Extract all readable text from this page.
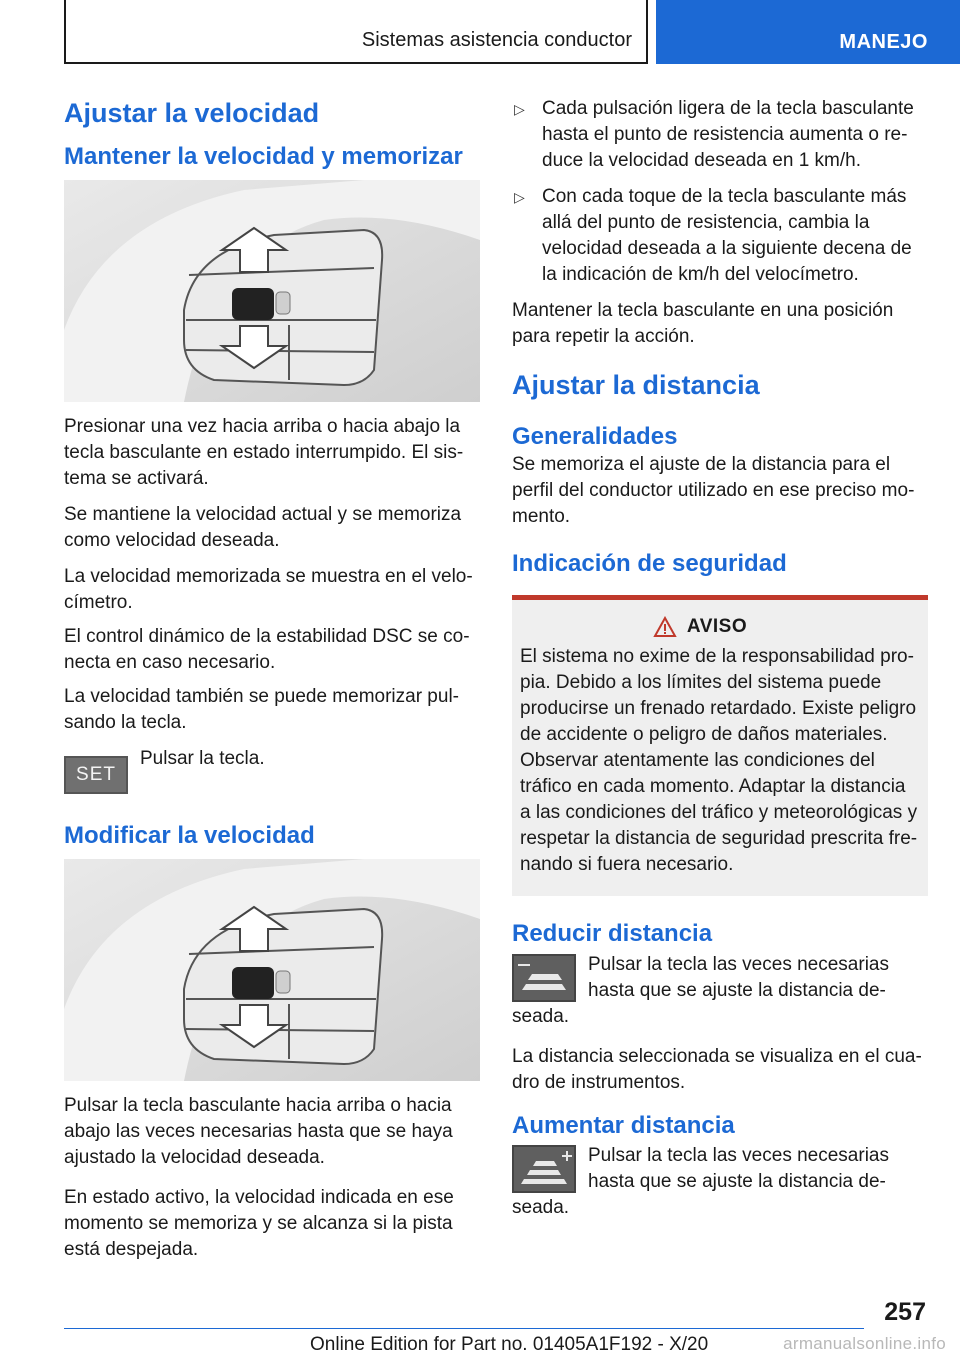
Sistemas asistencia conductor	MANEJO
Ajustar la velocidad
Mantener la velocidad y memorizar

Presionar una vez hacia arriba o hacia abajo la tecla basculante en estado interrumpido. El sistema se activará.

Se mantiene la velocidad actual y se memoriza como velocidad deseada.

La velocidad memorizada se muestra en el velocímetro.

El control dinámico de la estabilidad DSC se conecta en caso necesario.

La velocidad también se puede memorizar pulsando la tecla.

SET
Pulsar la tecla.
Modificar la velocidad

Pulsar la tecla basculante hacia arriba o hacia abajo las veces necesarias hasta que se haya ajustado la velocidad deseada.

En estado activo, la velocidad indicada en ese momento se memoriza y se alcanza si la pista está despejada.

▷ Cada pulsación ligera de la tecla basculante hasta el punto de resistencia aumenta o reduce la velocidad deseada en 1 km/h.
▷ Con cada toque de la tecla basculante más allá del punto de resistencia, cambia la velocidad deseada a la siguiente decena de la indicación de km/h del velocímetro.

Mantener la tecla basculante en una posición para repetir la acción.

Ajustar la distancia
Generalidades

Se memoriza el ajuste de la distancia para el perfil del conductor utilizado en ese preciso momento.

Indicación de seguridad
AVISO

El sistema no exime de la responsabilidad propia. Debido a los límites del sistema puede producirse un frenado retardado. Existe peligro de accidente o peligro de daños materiales. Observar atentamente las condiciones del tráfico en cada momento. Adaptar la distancia a las condiciones del tráfico y meteorológicas y respetar la distancia de seguridad prescrita frenando si fuera necesario.

Reducir distancia

Pulsar la tecla las veces necesarias hasta que se ajuste la distancia deseada.

La distancia seleccionada se visualiza en el cuadro de instrumentos.

Aumentar distancia

Pulsar la tecla las veces necesarias hasta que se ajuste la distancia deseada.

257
Online Edition for Part no. 01405A1F192 - X/20	armanualsonline.info
